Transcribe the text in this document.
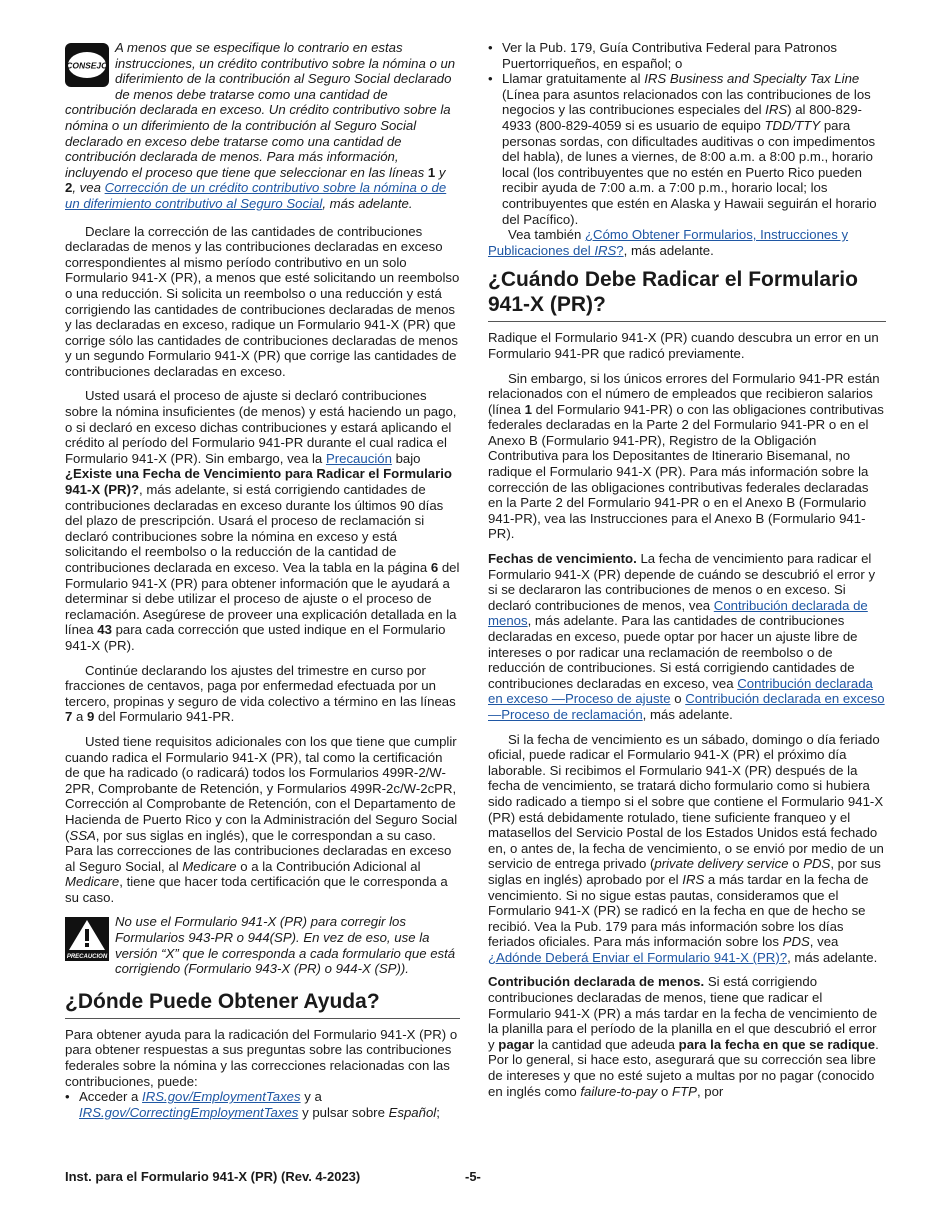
CONSEJO
A menos que se especifique lo contrario en estas instrucciones, un crédito contributivo sobre la nómina o un diferimiento de la contribución al Seguro Social declarado de menos debe tratarse como una cantidad de contribución declarada en exceso. Un crédito contributivo sobre la nómina o un diferimiento de la contribución al Seguro Social declarado en exceso debe tratarse como una cantidad de contribución declarada de menos. Para más información, incluyendo el proceso que tiene que seleccionar en las líneas 1 y 2, vea Corrección de un crédito contributivo sobre la nómina o de un diferimiento contributivo al Seguro Social, más adelante.

Declare la corrección de las cantidades de contribuciones declaradas de menos y las contribuciones declaradas en exceso correspondientes al mismo período contributivo en un solo Formulario 941-X (PR), a menos que esté solicitando un reembolso o una reducción. Si solicita un reembolso o una reducción y está corrigiendo las cantidades de contribuciones declaradas de menos y las declaradas en exceso, radique un Formulario 941-X (PR) que corrige sólo las cantidades de contribuciones declaradas de menos y un segundo Formulario 941-X (PR) que corrige las cantidades de contribuciones declaradas en exceso.

Usted usará el proceso de ajuste si declaró contribuciones sobre la nómina insuficientes (de menos) y está haciendo un pago, o si declaró en exceso dichas contribuciones y estará aplicando el crédito al período del Formulario 941-PR durante el cual radica el Formulario 941-X (PR). Sin embargo, vea la Precaución bajo ¿Existe una Fecha de Vencimiento para Radicar el Formulario 941-X (PR)?, más adelante, si está corrigiendo cantidades de contribuciones declaradas en exceso durante los últimos 90 días del plazo de prescripción. Usará el proceso de reclamación si declaró contribuciones sobre la nómina en exceso y está solicitando el reembolso o la reducción de la cantidad de contribuciones declarada en exceso. Vea la tabla en la página 6 del Formulario 941-X (PR) para obtener información que le ayudará a determinar si debe utilizar el proceso de ajuste o el proceso de reclamación. Asegúrese de proveer una explicación detallada en la línea 43 para cada corrección que usted indique en el Formulario 941-X (PR).

Continúe declarando los ajustes del trimestre en curso por fracciones de centavos, paga por enfermedad efectuada por un tercero, propinas y seguro de vida colectivo a término en las líneas 7 a 9 del Formulario 941-PR.

Usted tiene requisitos adicionales con los que tiene que cumplir cuando radica el Formulario 941-X (PR), tal como la certificación de que ha radicado (o radicará) todos los Formularios 499R-2/W-2PR, Comprobante de Retención, y Formularios 499R-2c/W-2cPR, Corrección al Comprobante de Retención, con el Departamento de Hacienda de Puerto Rico y con la Administración del Seguro Social (SSA, por sus siglas en inglés), que le correspondan a su caso. Para las correcciones de las contribuciones declaradas en exceso al Seguro Social, al Medicare o a la Contribución Adicional al Medicare, tiene que hacer toda certificación que le corresponda a su caso.

PRECAUCION
No use el Formulario 941-X (PR) para corregir los Formularios 943-PR o 944(SP). En vez de eso, use la versión “X” que le corresponda a cada formulario que está corrigiendo (Formulario 943-X (PR) o 944-X (SP)).
¿Dónde Puede Obtener Ayuda?

Para obtener ayuda para la radicación del Formulario 941-X (PR) o para obtener respuestas a sus preguntas sobre las contribuciones federales sobre la nómina y las correcciones relacionadas con las contribuciones, puede:

• Acceder a IRS.gov/EmploymentTaxes y a IRS.gov/CorrectingEmploymentTaxes y pulsar sobre Español;

• Ver la Pub. 179, Guía Contributiva Federal para Patronos Puertorriqueños, en español; o

• Llamar gratuitamente al IRS Business and Specialty Tax Line (Línea para asuntos relacionados con las contribuciones de los negocios y las contribuciones especiales del IRS) al 800-829-4933 (800-829-4059 si es usuario de equipo TDD/TTY para personas sordas, con dificultades auditivas o con impedimentos del habla), de lunes a viernes, de 8:00 a.m. a 8:00 p.m., horario local (los contribuyentes que no estén en Puerto Rico pueden recibir ayuda de 7:00 a.m. a 7:00 p.m., horario local; los contribuyentes que estén en Alaska y Hawaii seguirán el horario del Pacífico).

Vea también ¿Cómo Obtener Formularios, Instrucciones y Publicaciones del IRS?, más adelante.

¿Cuándo Debe Radicar el Formulario 941-X (PR)?

Radique el Formulario 941-X (PR) cuando descubra un error en un Formulario 941-PR que radicó previamente.

Sin embargo, si los únicos errores del Formulario 941-PR están relacionados con el número de empleados que recibieron salarios (línea 1 del Formulario 941-PR) o con las obligaciones contributivas federales declaradas en la Parte 2 del Formulario 941-PR o en el Anexo B (Formulario 941-PR), Registro de la Obligación Contributiva para los Depositantes de Itinerario Bisemanal, no radique el Formulario 941-X (PR). Para más información sobre la corrección de las obligaciones contributivas federales declaradas en la Parte 2 del Formulario 941-PR o en el Anexo B (Formulario 941-PR), vea las Instrucciones para el Anexo B (Formulario 941-PR).

Fechas de vencimiento. La fecha de vencimiento para radicar el Formulario 941-X (PR) depende de cuándo se descubrió el error y si se declararon las contribuciones de menos o en exceso. Si declaró contribuciones de menos, vea Contribución declarada de menos, más adelante. Para las cantidades de contribuciones declaradas en exceso, puede optar por hacer un ajuste libre de intereses o por radicar una reclamación de reembolso o de reducción de contribuciones. Si está corrigiendo cantidades de contribuciones declaradas en exceso, vea Contribución declarada en exceso —Proceso de ajuste o Contribución declarada en exceso —Proceso de reclamación, más adelante.

Si la fecha de vencimiento es un sábado, domingo o día feriado oficial, puede radicar el Formulario 941-X (PR) el próximo día laborable. Si recibimos el Formulario 941-X (PR) después de la fecha de vencimiento, se tratará dicho formulario como si hubiera sido radicado a tiempo si el sobre que contiene el Formulario 941-X (PR) está debidamente rotulado, tiene suficiente franqueo y el matasellos del Servicio Postal de los Estados Unidos está fechado en, o antes de, la fecha de vencimiento, o se envió por medio de un servicio de entrega privado (private delivery service o PDS, por sus siglas en inglés) aprobado por el IRS a más tardar en la fecha de vencimiento. Si no sigue estas pautas, consideramos que el Formulario 941-X (PR) se radicó en la fecha en que de hecho se recibió. Vea la Pub. 179 para más información sobre los días feriados oficiales. Para más información sobre los PDS, vea ¿Adónde Deberá Enviar el Formulario 941-X (PR)?, más adelante.

Contribución declarada de menos. Si está corrigiendo contribuciones declaradas de menos, tiene que radicar el Formulario 941-X (PR) a más tardar en la fecha de vencimiento de la planilla para el período de la planilla en el que descubrió el error y pagar la cantidad que adeuda para la fecha en que se radique. Por lo general, si hace esto, asegurará que su corrección sea libre de intereses y que no esté sujeto a multas por no pagar (conocido en inglés como failure-to-pay o FTP, por

Inst. para el Formulario 941-X (PR) (Rev. 4-2023)	-5-
